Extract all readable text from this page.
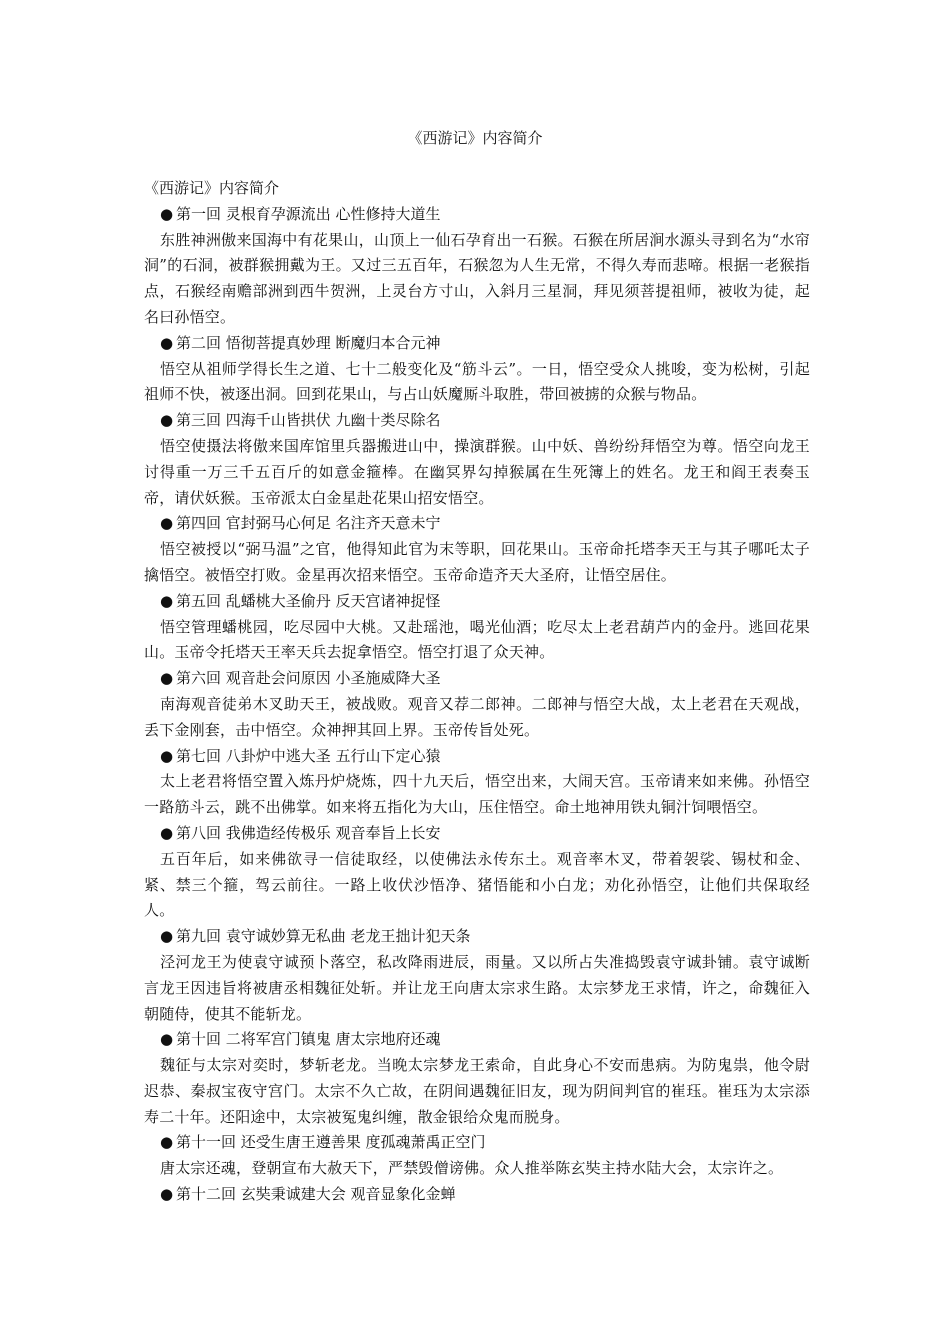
《西游记》内容简介
《西游记》内容简介
● 第一回 灵根育孕源流出 心性修持大道生

东胜神洲傲来国海中有花果山，山顶上一仙石孕育出一石猴。石猴在所居涧水源头寻到名为“水帘洞”的石洞，被群猴拥戴为王。又过三五百年，石猴忽为人生无常，不得久寿而悲啼。根据一老猴指点，石猴经南赡部洲到西牛贺洲，上灵台方寸山，入斜月三星洞，拜见须菩提祖师，被收为徒，起名曰孙悟空。

● 第二回 悟彻菩提真妙理 断魔归本合元神

悟空从祖师学得长生之道、七十二般变化及“筋斗云”。一日，悟空受众人挑唆，变为松树，引起祖师不快，被逐出洞。回到花果山，与占山妖魔厮斗取胜，带回被掳的众猴与物品。

● 第三回 四海千山皆拱伏 九幽十类尽除名

悟空使摄法将傲来国库馆里兵器搬进山中，操演群猴。山中妖、兽纷纷拜悟空为尊。悟空向龙王讨得重一万三千五百斤的如意金箍棒。在幽冥界勾掉猴属在生死簿上的姓名。龙王和阎王表奏玉帝，请伏妖猴。玉帝派太白金星赴花果山招安悟空。

● 第四回 官封弼马心何足 名注齐天意未宁

悟空被授以“弼马温”之官，他得知此官为末等职，回花果山。玉帝命托塔李天王与其子哪吒太子擒悟空。被悟空打败。金星再次招来悟空。玉帝命造齐天大圣府，让悟空居住。

● 第五回 乱蟠桃大圣偷丹 反天宫诸神捉怪

悟空管理蟠桃园，吃尽园中大桃。又赴瑶池，喝光仙酒；吃尽太上老君葫芦内的金丹。逃回花果山。玉帝令托塔天王率天兵去捉拿悟空。悟空打退了众天神。

● 第六回 观音赴会问原因 小圣施威降大圣

南海观音徒弟木叉助天王，被战败。观音又荐二郎神。二郎神与悟空大战，太上老君在天观战，丢下金刚套，击中悟空。众神押其回上界。玉帝传旨处死。

● 第七回 八卦炉中逃大圣 五行山下定心猿

太上老君将悟空置入炼丹炉烧炼，四十九天后，悟空出来，大闹天宫。玉帝请来如来佛。孙悟空一路筋斗云，跳不出佛掌。如来将五指化为大山，压住悟空。命土地神用铁丸铜汁饲喂悟空。

● 第八回 我佛造经传极乐 观音奉旨上长安

五百年后，如来佛欲寻一信徒取经，以使佛法永传东土。观音率木叉，带着袈裟、锡杖和金、紧、禁三个箍，驾云前往。一路上收伏沙悟净、猪悟能和小白龙；劝化孙悟空，让他们共保取经人。

● 第九回 袁守诚妙算无私曲 老龙王拙计犯天条

泾河龙王为使袁守诚预卜落空，私改降雨进辰，雨量。又以所占失准捣毁袁守诚卦铺。袁守诚断言龙王因违旨将被唐丞相魏征处斩。并让龙王向唐太宗求生路。太宗梦龙王求情，许之，命魏征入朝随侍，使其不能斩龙。

● 第十回 二将军宫门镇鬼 唐太宗地府还魂

魏征与太宗对奕时，梦斩老龙。当晚太宗梦龙王索命，自此身心不安而患病。为防鬼祟，他令尉迟恭、秦叔宝夜守宫门。太宗不久亡故，在阴间遇魏征旧友，现为阴间判官的崔珏。崔珏为太宗添寿二十年。还阳途中，太宗被冤鬼纠缠，散金银给众鬼而脱身。

● 第十一回 还受生唐王遵善果 度孤魂萧禹正空门

唐太宗还魂，登朝宣布大赦天下，严禁毁僧谤佛。众人推举陈玄奘主持水陆大会，太宗许之。

● 第十二回 玄奘秉诚建大会 观音显象化金蝉
